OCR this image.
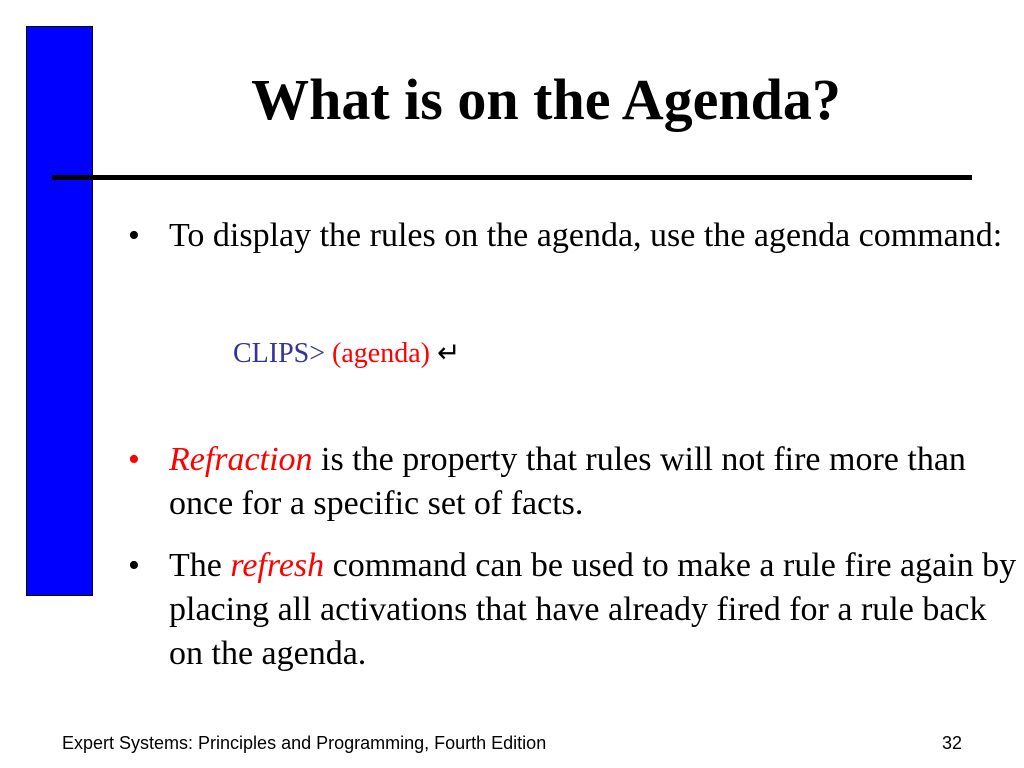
What is on the Agenda?
• To display the rules on the agenda, use the agenda command:
• Refraction is the property that rules will not fire more than once for a specific set of facts.
• The refresh command can be used to make a rule fire again by placing all activations that have already fired for a rule back on the agenda.
CLIPS> (agenda) ↵
Expert Systems: Principles and Programming, Fourth Edition	32
